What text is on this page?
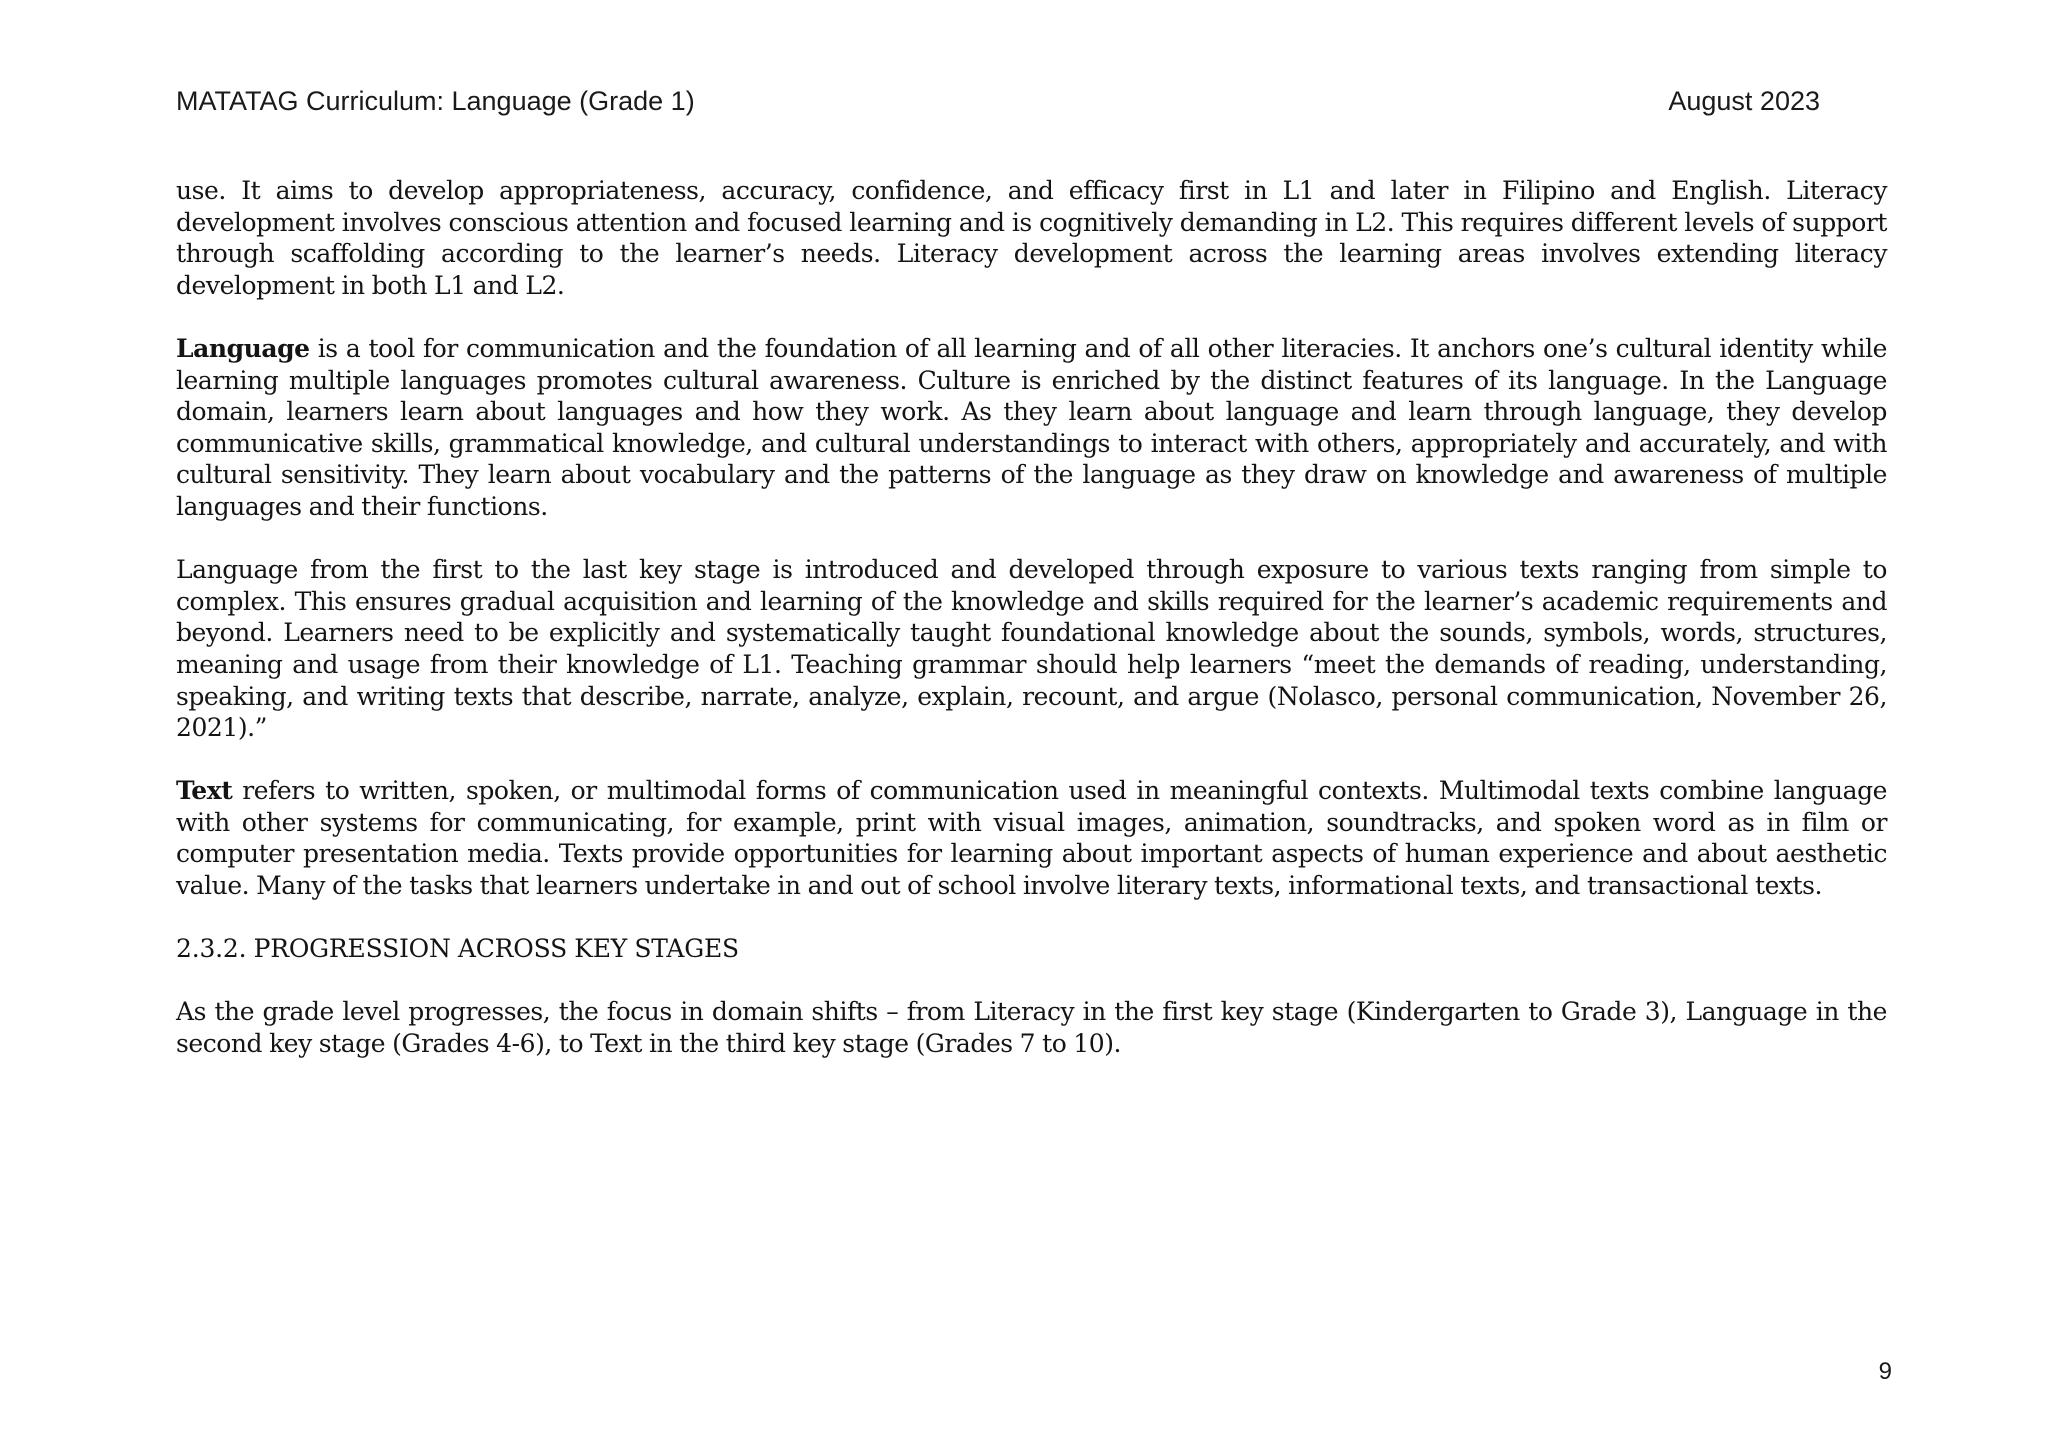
MATATAG Curriculum: Language (Grade 1)	August 2023

use. It aims to develop appropriateness, accuracy, confidence, and efficacy first in L1 and later in Filipino and English. Literacy development involves conscious attention and focused learning and is cognitively demanding in L2. This requires different levels of support through scaffolding according to the learner’s needs. Literacy development across the learning areas involves extending literacy development in both L1 and L2.

Language is a tool for communication and the foundation of all learning and of all other literacies. It anchors one’s cultural identity while learning multiple languages promotes cultural awareness. Culture is enriched by the distinct features of its language. In the Language domain, learners learn about languages and how they work. As they learn about language and learn through language, they develop communicative skills, grammatical knowledge, and cultural understandings to interact with others, appropriately and accurately, and with cultural sensitivity. They learn about vocabulary and the patterns of the language as they draw on knowledge and awareness of multiple languages and their functions.

Language from the first to the last key stage is introduced and developed through exposure to various texts ranging from simple to complex. This ensures gradual acquisition and learning of the knowledge and skills required for the learner’s academic requirements and beyond. Learners need to be explicitly and systematically taught foundational knowledge about the sounds, symbols, words, structures, meaning and usage from their knowledge of L1. Teaching grammar should help learners “meet the demands of reading, understanding, speaking, and writing texts that describe, narrate, analyze, explain, recount, and argue (Nolasco, personal communication, November 26, 2021).”

Text refers to written, spoken, or multimodal forms of communication used in meaningful contexts. Multimodal texts combine language with other systems for communicating, for example, print with visual images, animation, soundtracks, and spoken word as in film or computer presentation media. Texts provide opportunities for learning about important aspects of human experience and about aesthetic value. Many of the tasks that learners undertake in and out of school involve literary texts, informational texts, and transactional texts.

2.3.2. PROGRESSION ACROSS KEY STAGES

As the grade level progresses, the focus in domain shifts – from Literacy in the first key stage (Kindergarten to Grade 3), Language in the second key stage (Grades 4-6), to Text in the third key stage (Grades 7 to 10).

9
